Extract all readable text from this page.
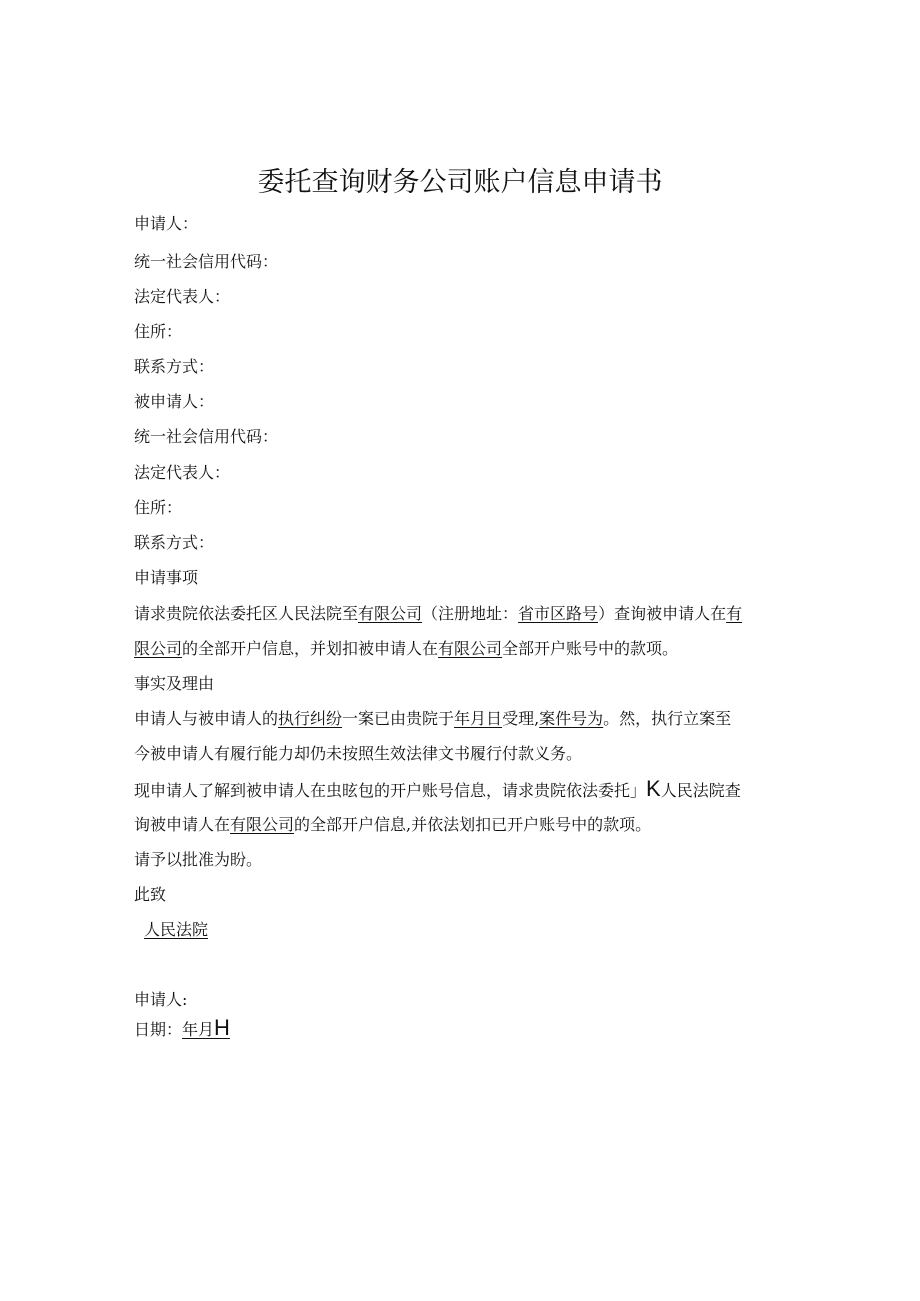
委托查询财务公司账户信息申请书
申请人：
统一社会信用代码：
法定代表人：
住所：
联系方式：
被申请人：
统一社会信用代码：
法定代表人：
住所：
联系方式：
申请事项
请求贵院依法委托区人民法院至有限公司（注册地址：省市区路号）查询被申请人在有
限公司的全部开户信息，并划扣被申请人在有限公司全部开户账号中的款项。
事实及理由
申请人与被申请人的执行纠纷一案已由贵院于年月日受理,案件号为。然，执行立案至
今被申请人有履行能力却仍未按照生效法律文书履行付款义务。
现申请人了解到被申请人在虫昡包的开户账号信息，请求贵院依法委托」K人民法院查
询被申请人在有限公司的全部开户信息,并依法划扣已开户账号中的款项。
请予以批准为盼。
此致
人民法院
申请人:
日期：年月H
